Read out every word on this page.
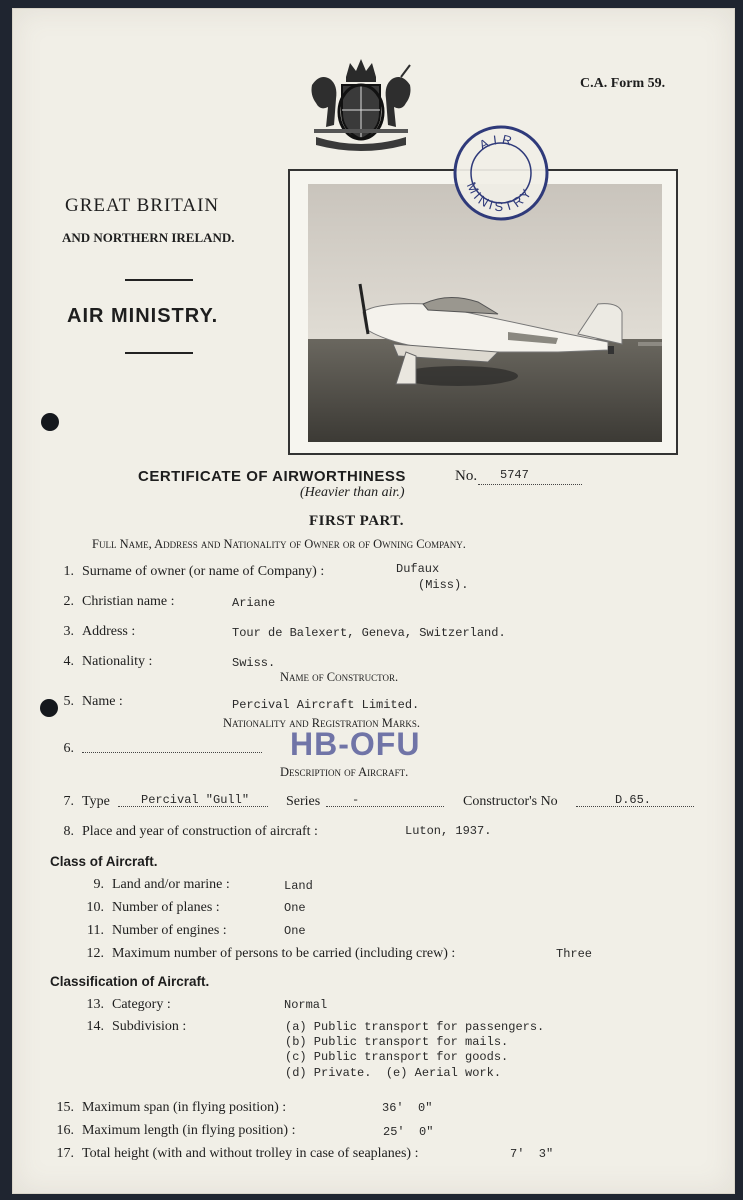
C.A. Form 59.
GREAT BRITAIN
AND NORTHERN IRELAND.
AIR MINISTRY.
AIR
MINISTRY
CERTIFICATE OF AIRWORTHINESS	No. 5747
(Heavier than air.)
FIRST PART.
Full Name, Address and Nationality of Owner or of Owning Company.
1. Surname of owner (or name of Company) :	Dufaux
(Miss).
2. Christian name :	Ariane
3. Address :	Tour de Balexert, Geneva, Switzerland.
4. Nationality :	Swiss.
Name of Constructor.
5. Name :	Percival Aircraft Limited.
Nationality and Registration Marks.
6.	HB-OFU
Description of Aircraft.
7. Type	Percival "Gull"	Series	-	Constructor's No	D.65.
8. Place and year of construction of aircraft :	Luton, 1937.
Class of Aircraft.
9. Land and/or marine :	Land
10. Number of planes :	One
11. Number of engines :	One
12. Maximum number of persons to be carried (including crew) :	Three
Classification of Aircraft.
13. Category :	Normal
14. Subdivision :	(a) Public transport for passengers.
(b) Public transport for mails.
(c) Public transport for goods.
(d) Private.  (e) Aerial work.
15. Maximum span (in flying position) :	36'  0"
16. Maximum length (in flying position) :	25'  0"
17. Total height (with and without trolley in case of seaplanes) :	7'  3"
